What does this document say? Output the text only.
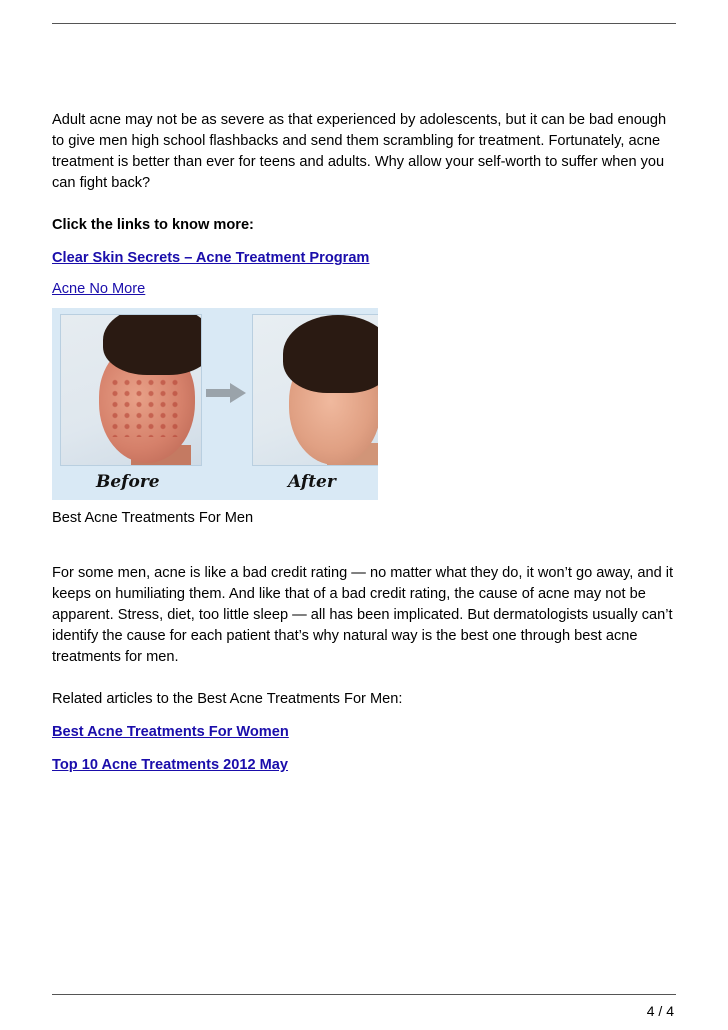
Adult acne may not be as severe as that experienced by adolescents, but it can be bad enough to give men high school flashbacks and send them scrambling for treatment. Fortunately, acne treatment is better than ever for teens and adults. Why allow your self-worth to suffer when you can fight back?

Click the links to know more:

Clear Skin Secrets – Acne Treatment Program

Acne No More

Before	After

Best Acne Treatments For Men

For some men, acne is like a bad credit rating — no matter what they do, it won’t go away, and it keeps on humiliating them. And like that of a bad credit rating, the cause of acne may not be apparent. Stress, diet, too little sleep — all has been implicated. But dermatologists usually can’t identify the cause for each patient that’s why natural way is the best one through best acne treatments for men.

Related articles to the Best Acne Treatments For Men:

Best Acne Treatments For Women

Top 10 Acne Treatments 2012 May

4 / 4
